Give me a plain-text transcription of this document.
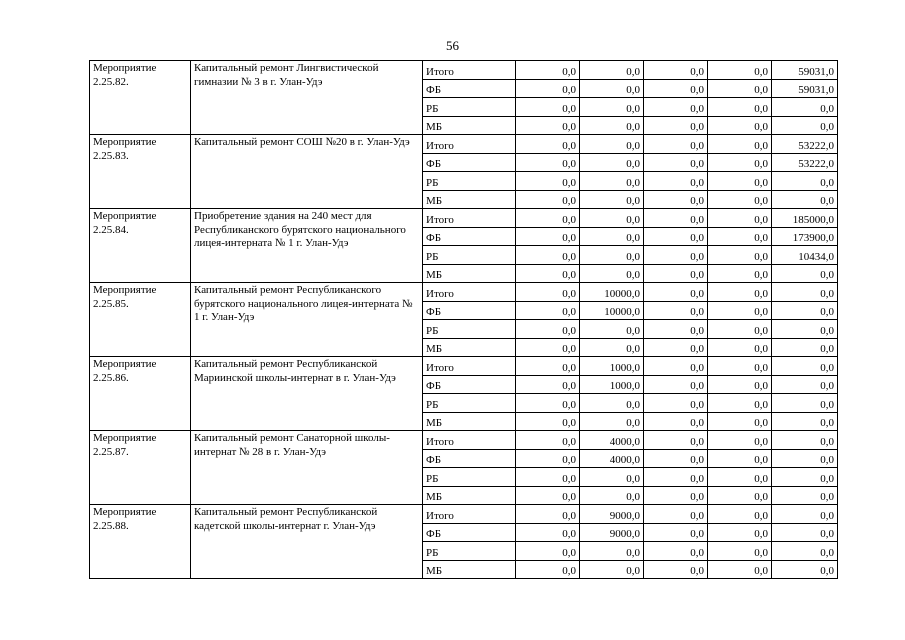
56
Мероприятие
2.25.82.	Капитальный ремонт Лингвистической гимназии № 3 в г. Улан-Удэ	Итого	0,0	0,0	0,0	0,0	59031,0
		ФБ	0,0	0,0	0,0	0,0	59031,0
		РБ	0,0	0,0	0,0	0,0	0,0
		МБ	0,0	0,0	0,0	0,0	0,0

Мероприятие
2.25.83.	Капитальный ремонт СОШ №20 в г. Улан-Удэ	Итого	0,0	0,0	0,0	0,0	53222,0
		ФБ	0,0	0,0	0,0	0,0	53222,0
		РБ	0,0	0,0	0,0	0,0	0,0
		МБ	0,0	0,0	0,0	0,0	0,0

Мероприятие
2.25.84.	Приобретение здания на 240 мест для Республиканского бурятского национального лицея-интерната № 1 г. Улан-Удэ	Итого	0,0	0,0	0,0	0,0	185000,0
		ФБ	0,0	0,0	0,0	0,0	173900,0
		РБ	0,0	0,0	0,0	0,0	10434,0
		МБ	0,0	0,0	0,0	0,0	0,0

Мероприятие
2.25.85.	Капитальный ремонт Республиканского бурятского национального лицея-интерната № 1 г. Улан-Удэ	Итого	0,0	10000,0	0,0	0,0	0,0
		ФБ	0,0	10000,0	0,0	0,0	0,0
		РБ	0,0	0,0	0,0	0,0	0,0
		МБ	0,0	0,0	0,0	0,0	0,0

Мероприятие
2.25.86.	Капитальный ремонт Республиканской Мариинской школы-интернат в г. Улан-Удэ	Итого	0,0	1000,0	0,0	0,0	0,0
		ФБ	0,0	1000,0	0,0	0,0	0,0
		РБ	0,0	0,0	0,0	0,0	0,0
		МБ	0,0	0,0	0,0	0,0	0,0

Мероприятие
2.25.87.	Капитальный ремонт Санаторной школы-интернат № 28 в г. Улан-Удэ	Итого	0,0	4000,0	0,0	0,0	0,0
		ФБ	0,0	4000,0	0,0	0,0	0,0
		РБ	0,0	0,0	0,0	0,0	0,0
		МБ	0,0	0,0	0,0	0,0	0,0

Мероприятие
2.25.88.	Капитальный ремонт Республиканской кадетской школы-интернат г. Улан-Удэ	Итого	0,0	9000,0	0,0	0,0	0,0
		ФБ	0,0	9000,0	0,0	0,0	0,0
		РБ	0,0	0,0	0,0	0,0	0,0
		МБ	0,0	0,0	0,0	0,0	0,0
